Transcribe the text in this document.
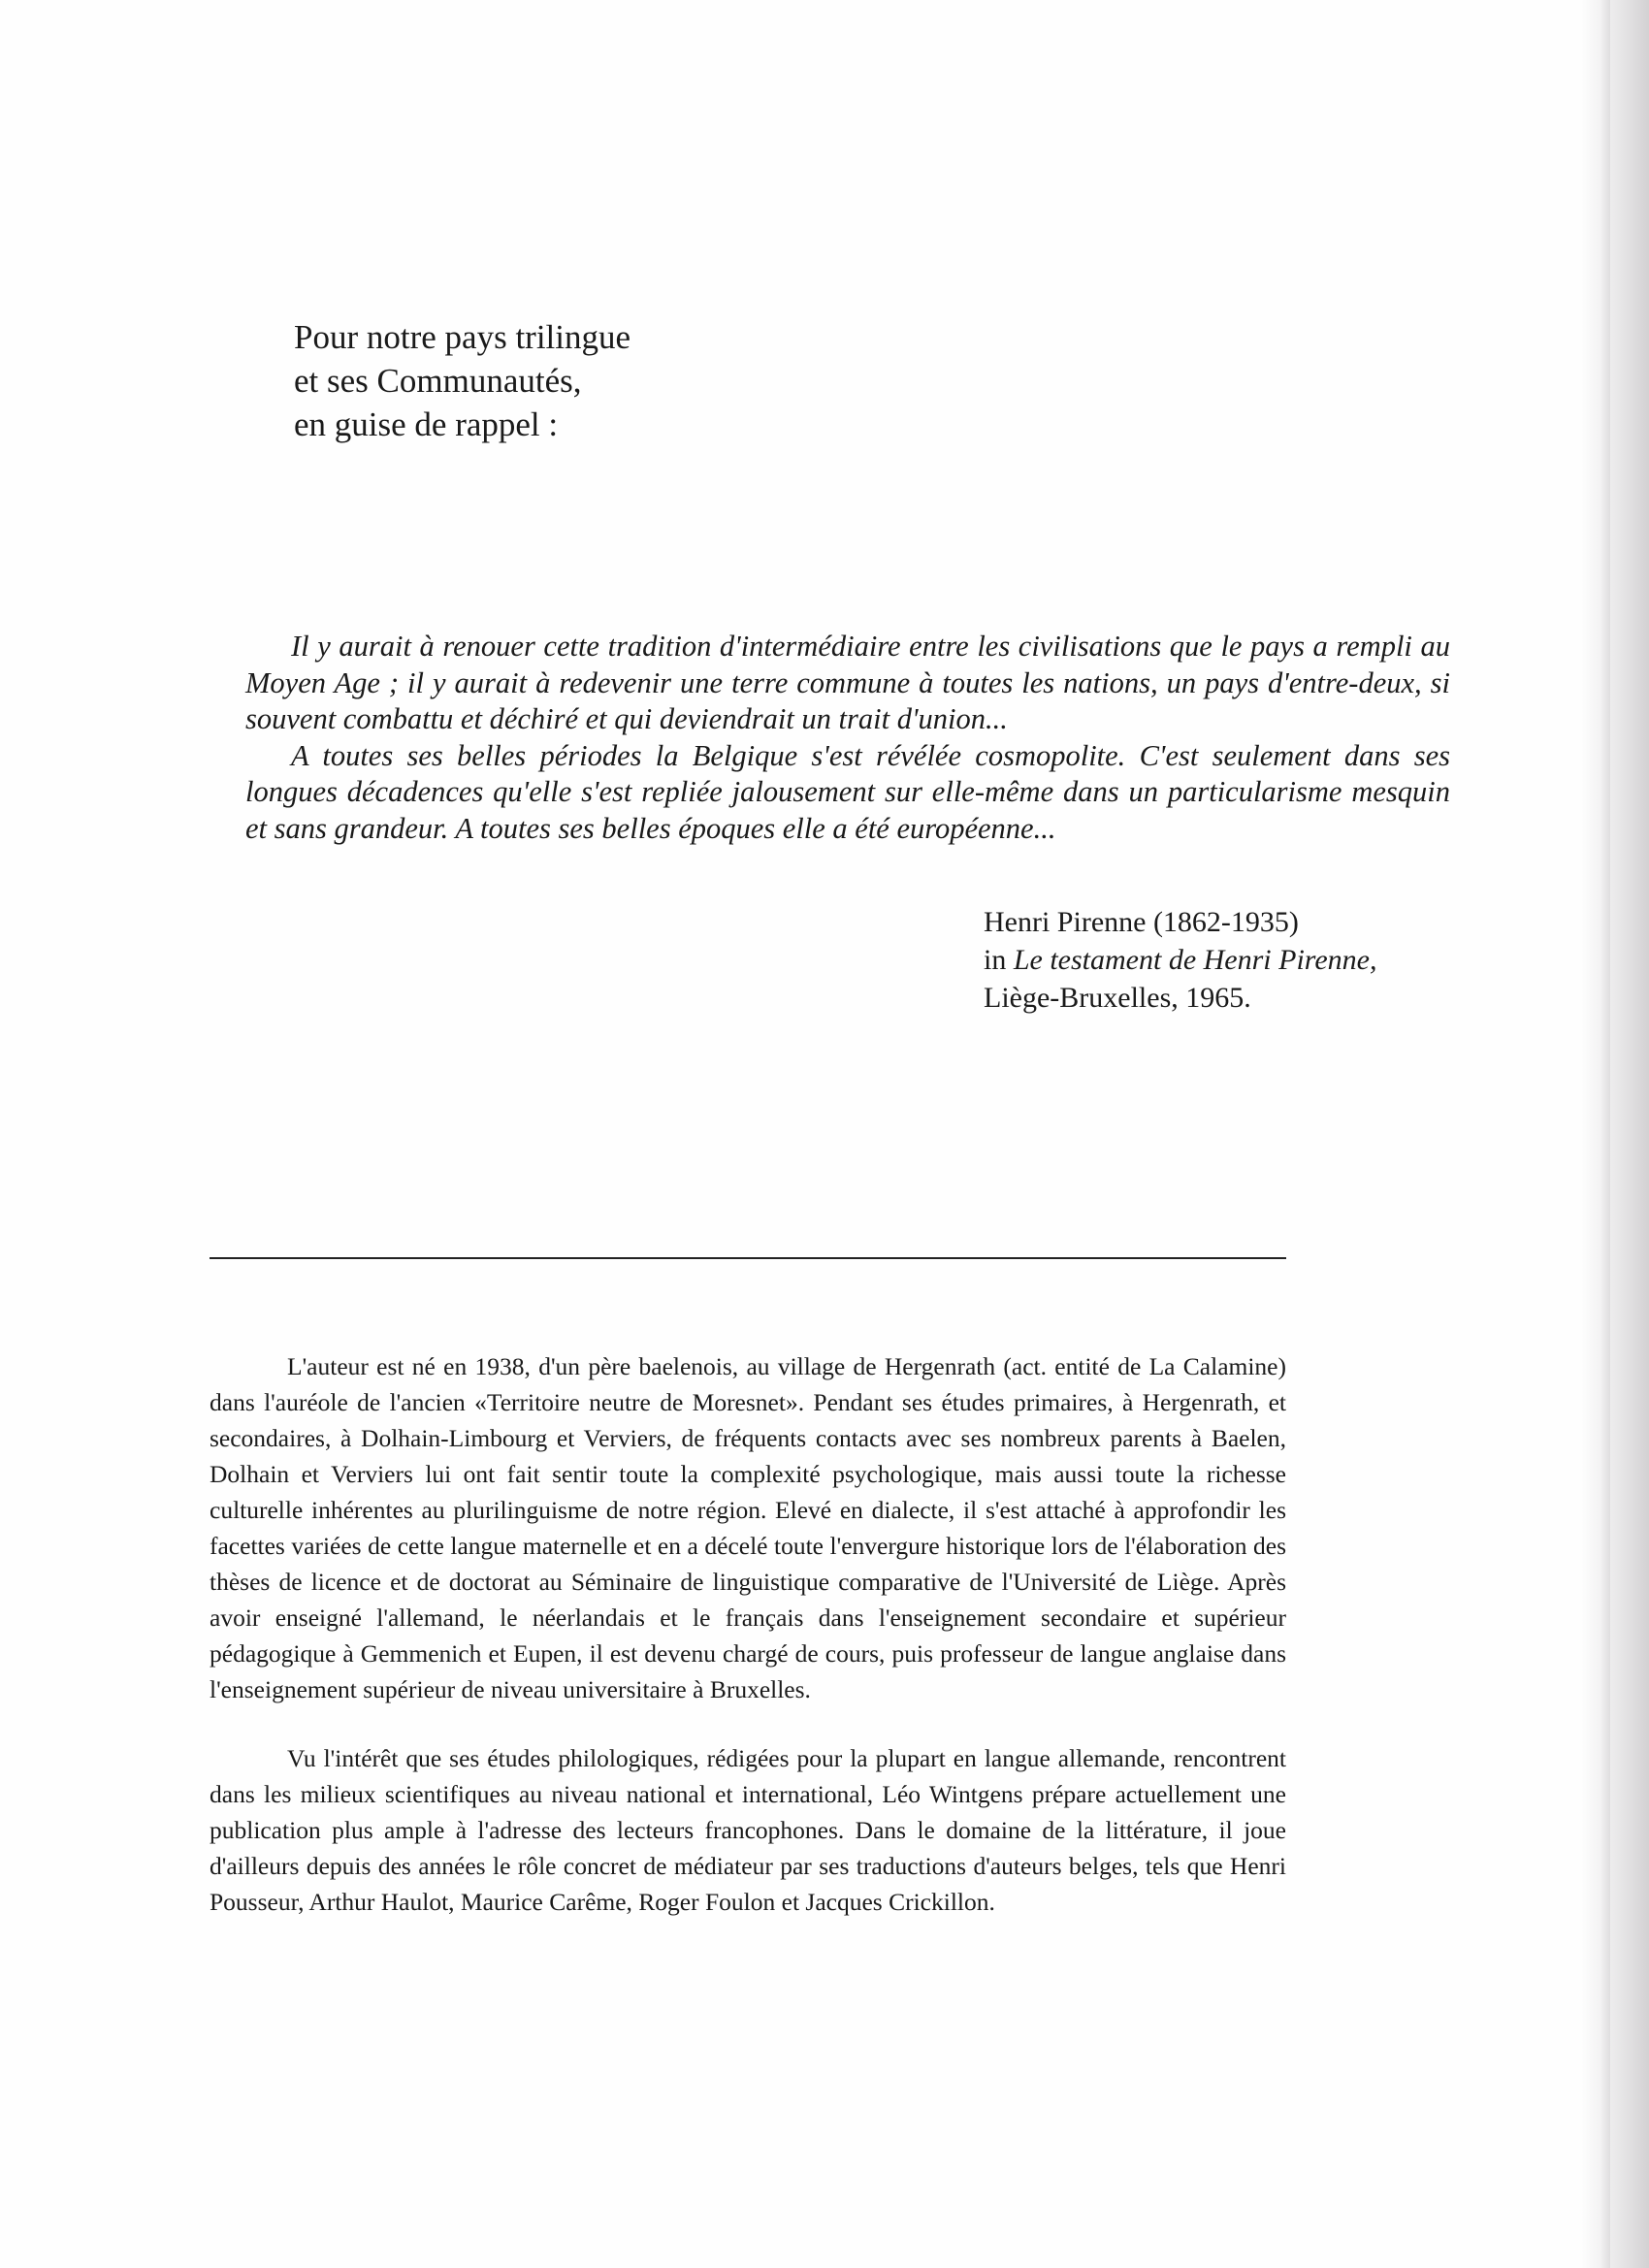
Pour notre pays trilingue

et ses Communautés,

en guise de rappel :

Il y aurait à renouer cette tradition d'intermédiaire entre les civilisations que le pays a rempli au Moyen Age ; il y aurait à redevenir une terre commune à toutes les nations, un pays d'entre-deux, si souvent combattu et déchiré et qui deviendrait un trait d'union...

A toutes ses belles périodes la Belgique s'est révélée cosmopolite. C'est seulement dans ses longues décadences qu'elle s'est repliée jalousement sur elle-même dans un particularisme mesquin et sans grandeur. A toutes ses belles époques elle a été européenne...

Henri Pirenne (1862-1935)

in Le testament de Henri Pirenne,

Liège-Bruxelles, 1965.

L'auteur est né en 1938, d'un père baelenois, au village de Hergenrath (act. entité de La Calamine) dans l'auréole de l'ancien «Territoire neutre de Moresnet». Pendant ses études primaires, à Hergenrath, et secondaires, à Dolhain-Limbourg et Verviers, de fréquents contacts avec ses nombreux parents à Baelen, Dolhain et Verviers lui ont fait sentir toute la complexité psychologique, mais aussi toute la richesse culturelle inhérentes au plurilinguisme de notre région. Elevé en dialecte, il s'est attaché à approfondir les facettes variées de cette langue maternelle et en a décelé toute l'envergure historique lors de l'élaboration des thèses de licence et de doctorat au Séminaire de linguistique comparative de l'Université de Liège. Après avoir enseigné l'allemand, le néerlandais et le français dans l'enseignement secondaire et supérieur pédagogique à Gemmenich et Eupen, il est devenu chargé de cours, puis professeur de langue anglaise dans l'enseignement supérieur de niveau universitaire à Bruxelles.

Vu l'intérêt que ses études philologiques, rédigées pour la plupart en langue allemande, rencontrent dans les milieux scientifiques au niveau national et international, Léo Wintgens prépare actuellement une publication plus ample à l'adresse des lecteurs francophones. Dans le domaine de la littérature, il joue d'ailleurs depuis des années le rôle concret de médiateur par ses traductions d'auteurs belges, tels que Henri Pousseur, Arthur Haulot, Maurice Carême, Roger Foulon et Jacques Crickillon.
